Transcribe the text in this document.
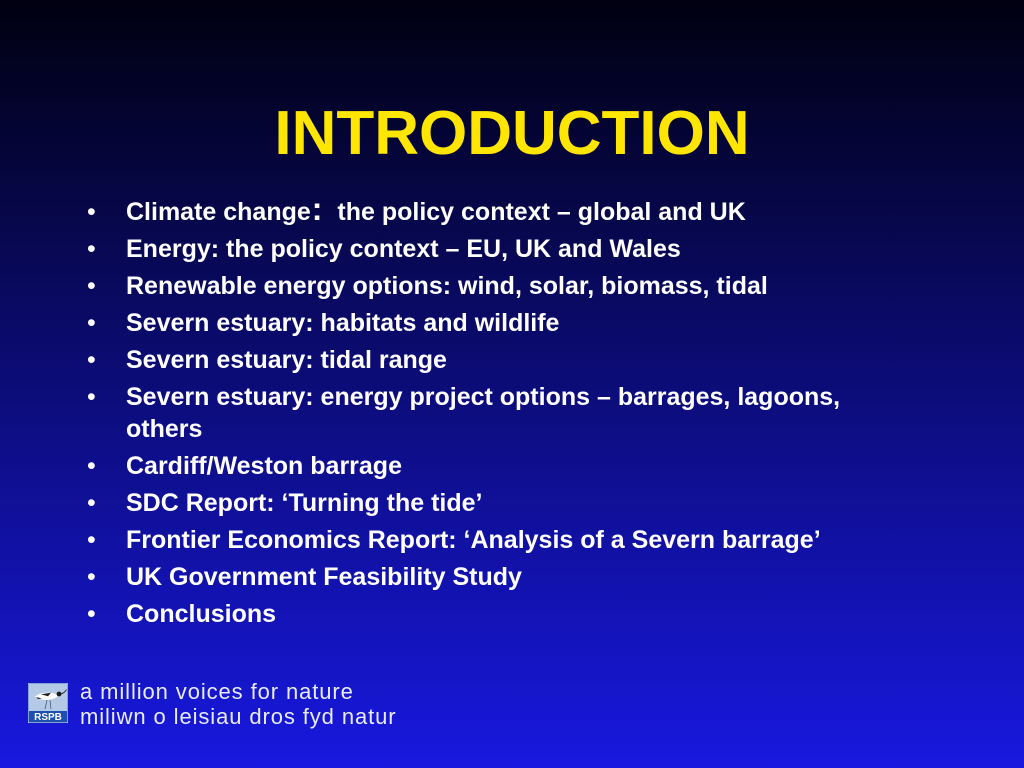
INTRODUCTION
• Climate change: the policy context – global and UK
• Energy: the policy context – EU, UK and Wales
• Renewable energy options: wind, solar, biomass, tidal
• Severn estuary: habitats and wildlife
• Severn estuary: tidal range
• Severn estuary: energy project options – barrages, lagoons, others
• Cardiff/Weston barrage
• SDC Report: ‘Turning the tide’
• Frontier Economics Report: ‘Analysis of a Severn barrage’
• UK Government Feasibility Study
• Conclusions
RSPB
a million voices for nature
miliwn o leisiau dros fyd natur
